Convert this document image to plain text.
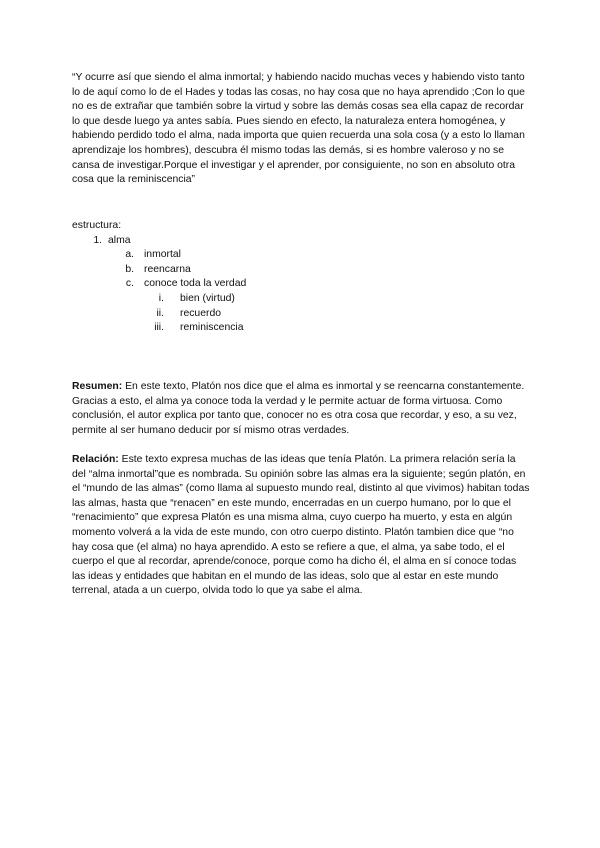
“Y ocurre así que siendo el alma inmortal; y habiendo nacido muchas veces y habiendo visto tanto lo de aquí como lo de el Hades y todas las cosas, no hay cosa que no haya aprendido ;Con lo que no es de extrañar que también sobre la virtud y sobre las demás cosas sea ella capaz de recordar lo que desde luego ya antes sabía. Pues siendo en efecto, la naturaleza entera homogénea, y habiendo perdido todo el alma, nada importa que quien recuerda una sola cosa (y a esto lo llaman aprendizaje los hombres), descubra él mismo todas las demás, si es hombre valeroso y no se cansa de investigar.Porque el investigar y el aprender, por consiguiente, no son en absoluto otra cosa que la reminiscencia”

estructura:

1. alma
a. inmortal
b. reencarna
c. conoce toda la verdad
i. bien (virtud)
ii. recuerdo
iii. reminiscencia

Resumen: En este texto, Platón nos dice que el alma es inmortal y se reencarna constantemente. Gracias a esto, el alma ya conoce toda la verdad y le permite actuar de forma virtuosa. Como conclusión, el autor explica por tanto que, conocer no es otra cosa que recordar, y eso, a su vez, permite al ser humano deducir por sí mismo otras verdades.

Relación: Este texto expresa muchas de las ideas que tenía Platón. La primera relación sería la del “alma inmortal”que es nombrada. Su opinión sobre las almas era la siguiente; según platón, en el “mundo de las almas” (como llama al supuesto mundo real, distinto al que vivimos) habitan todas las almas, hasta que “renacen” en este mundo, encerradas en un cuerpo humano, por lo que el “renacimiento” que expresa Platón es una misma alma, cuyo cuerpo ha muerto, y esta en algún momento volverá a la vida de este mundo, con otro cuerpo distinto. Platón tambien dice que “no hay cosa que (el alma) no haya aprendido. A esto se refiere a que, el alma, ya sabe todo, el el cuerpo el que al recordar, aprende/conoce, porque como ha dicho él, el alma en sí conoce todas las ideas y entidades que habitan en el mundo de las ideas, solo que al estar en este mundo terrenal, atada a un cuerpo, olvida todo lo que ya sabe el alma.
